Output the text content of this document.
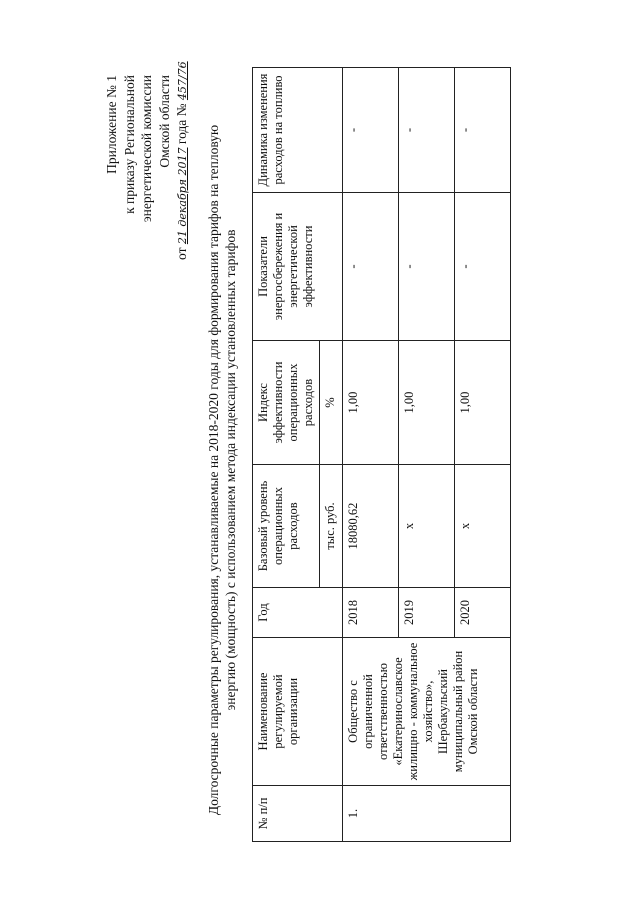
Приложение № 1 к приказу Региональной энергетической комиссии Омской области
от 21 декабря 2017 года № 457/76
Долгосрочные параметры регулирования, устанавливаемые на 2018-2020 годы для формирования тарифов на тепловую энергию (мощность) с использованием метода индексации установленных тарифов
№ п/п	Наименование регулируемой организации	Год	Базовый уровень операционных расходов	Индекс эффективности операционных расходов	Показатели энергосбережения и энергетической эффективности	Динамика изменения расходов на топливо
			тыс. руб.	%		
1.	Общество с ограниченной ответственностью «Екатеринославское жилищно - коммунальное хозяйство», Шербакульский муниципальный район Омской области	2018	18080,62	1,00	-	-
		2019	х	1,00	-	-
		2020	х	1,00	-	-
